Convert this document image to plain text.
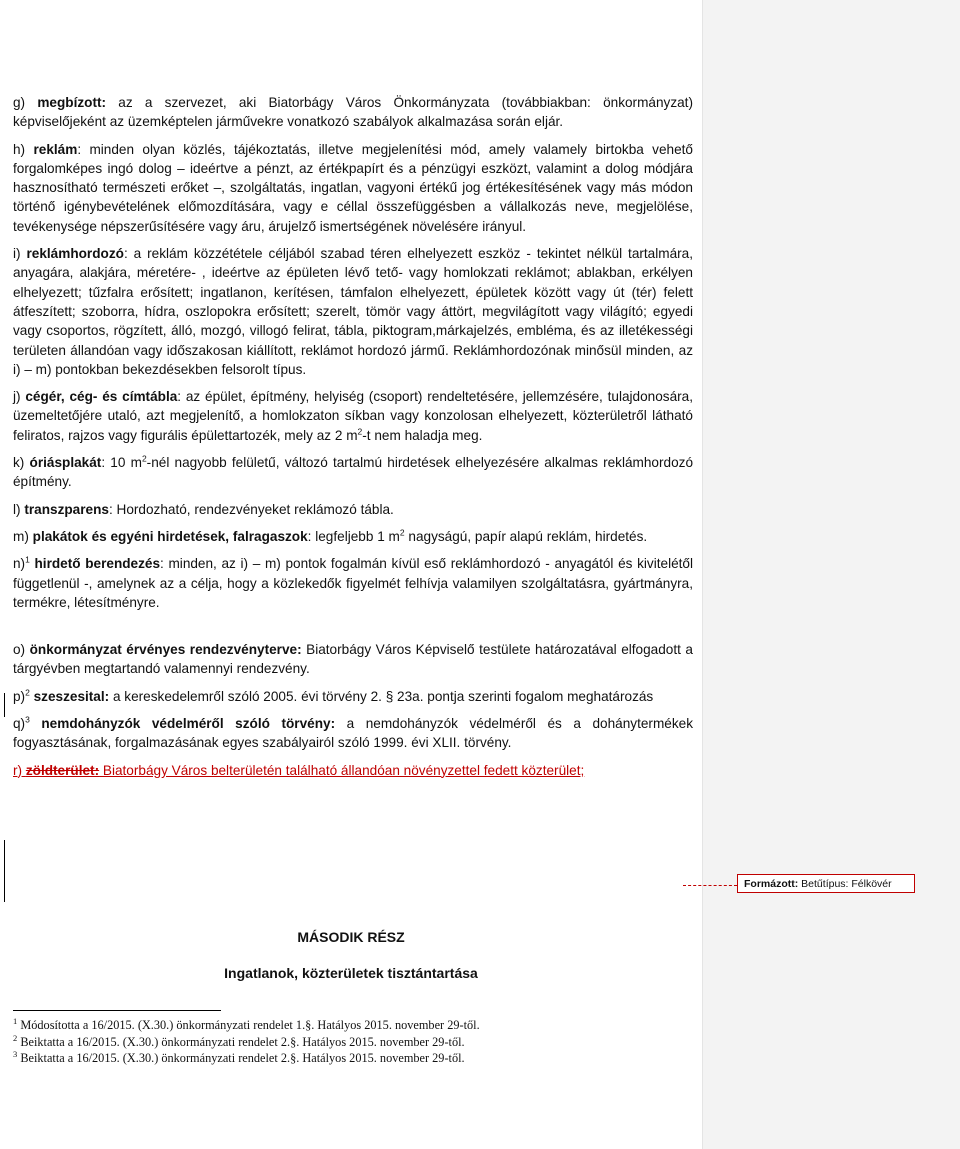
g) megbízott: az a szervezet, aki Biatorbágy Város Önkormányzata (továbbiakban: önkormányzat) képviselőjeként az üzemképtelen járművekre vonatkozó szabályok alkalmazása során eljár.

h) reklám: minden olyan közlés, tájékoztatás, illetve megjelenítési mód, amely valamely birtokba vehető forgalomképes ingó dolog – ideértve a pénzt, az értékpapírt és a pénzügyi eszközt, valamint a dolog módjára hasznosítható természeti erőket –, szolgáltatás, ingatlan, vagyoni értékű jog értékesítésének vagy más módon történő igénybevételének előmozdítására, vagy e céllal összefüggésben a vállalkozás neve, megjelölése, tevékenysége népszerűsítésére vagy áru, árujelző ismertségének növelésére irányul.

i) reklámhordozó: a reklám közzététele céljából szabad téren elhelyezett eszköz - tekintet nélkül tartalmára, anyagára, alakjára, méretére- , ideértve az épületen lévő tető- vagy homlokzati reklámot; ablakban, erkélyen elhelyezett; tűzfalra erősített; ingatlanon, kerítésen, támfalon elhelyezett, épületek között vagy út (tér) felett átfeszített; szoborra, hídra, oszlopokra erősített; szerelt, tömör vagy áttört, megvilágított vagy világító; egyedi vagy csoportos, rögzített, álló, mozgó, villogó felirat, tábla, piktogram,márkajelzés, embléma, és az illetékességi területen állandóan vagy időszakosan kiállított, reklámot hordozó jármű. Reklámhordozónak minősül minden, az i) – m) pontokban bekezdésekben felsorolt típus.

j) cégér, cég- és címtábla: az épület, építmény, helyiség (csoport) rendeltetésére, jellemzésére, tulajdonosára, üzemeltetőjére utaló, azt megjelenítő, a homlokzaton síkban vagy konzolosan elhelyezett, közterületről látható feliratos, rajzos vagy figurális épülettartozék, mely az 2 $m^2-t$ nem haladja meg.

k) óriásplakát: 10 $m^2$-nél nagyobb felületű, változó tartalmú hirdetések elhelyezésére alkalmas reklámhordozó építmény.

l) transzparens: Hordozható, rendezvényeket reklámozó tábla.

m) plakátok és egyéni hirdetések, falragaszok: legfeljebb 1 $m^2$ nagyságú, papír alapú reklám, hirdetés.

n)$^1$ hirdető berendezés: minden, az i) – m) pontok fogalmán kívül eső reklámhordozó - anyagától és kivitelétől függetlenül -, amelynek az a célja, hogy a közlekedők figyelmét felhívja valamilyen szolgáltatásra, gyártmányra, termékre, létesítményre.

o) önkormányzat érvényes rendezvényterve: Biatorbágy Város Képviselő testülete határozatával elfogadott a tárgyévben megtartandó valamennyi rendezvény.

p)$^2$ szeszesital: a kereskedelemről szóló 2005. évi törvény 2. § 23a. pontja szerinti fogalom meghatározás

q)$^3$ nemdohányzók védelméről szóló törvény: a nemdohányzók védelméről és a dohánytermékek fogyasztásának, forgalmazásának egyes szabályairól szóló 1999. évi XLII. törvény.

r) zöldterület: Biatorbágy Város belterületén található állandóan növényzettel fedett közterület;

MÁSODIK RÉSZ
Ingatlanok, közterületek tisztántartása
$^1$ Módosította a 16/2015. (X.30.) önkormányzati rendelet 1.§. Hatályos 2015. november 29-től.
$^2$ Beiktatta a 16/2015. (X.30.) önkormányzati rendelet 2.§. Hatályos 2015. november 29-től.
$^3$ Beiktatta a 16/2015. (X.30.) önkormányzati rendelet 2.§. Hatályos 2015. november 29-től.
Formázott: Betűtípus: Félkövér
